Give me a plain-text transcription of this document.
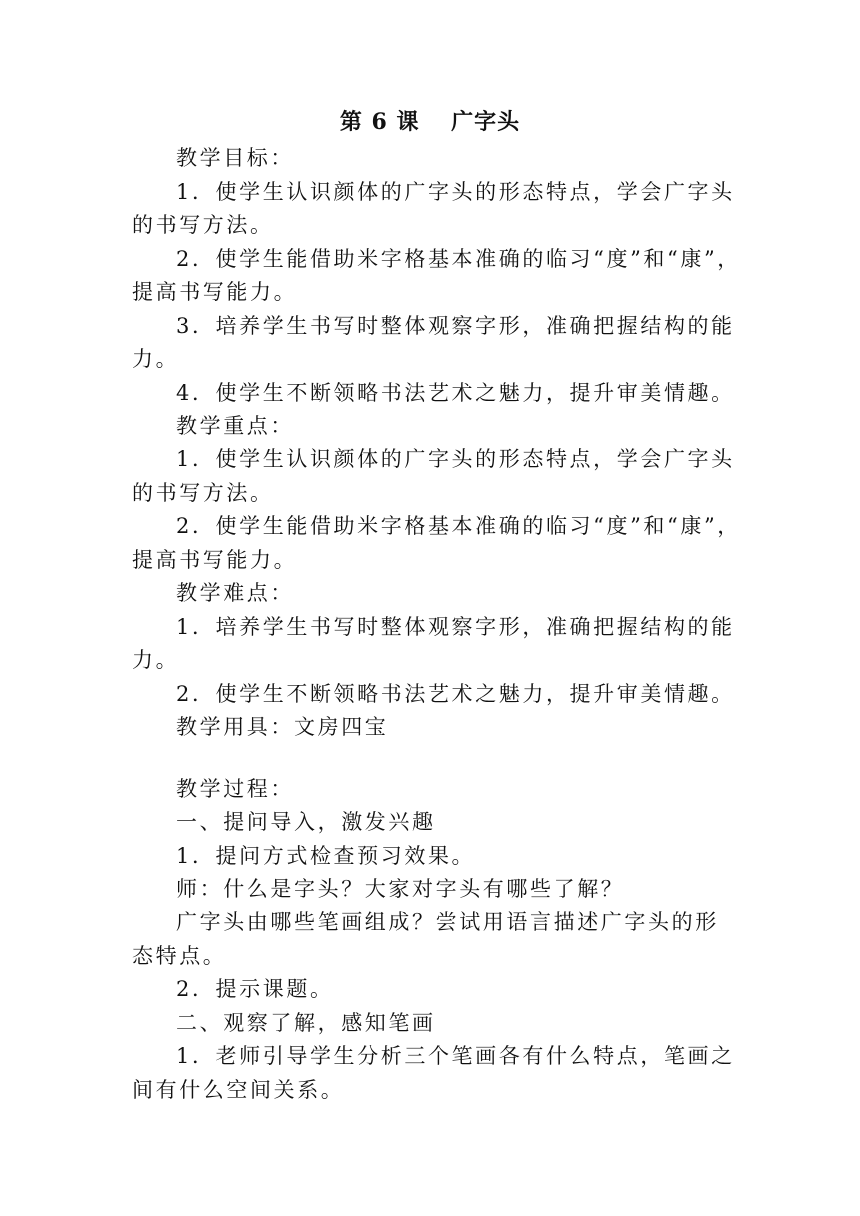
第 6 课　 广字头
教学目标：
1．使学生认识颜体的广字头的形态特点，学会广字头
的书写方法。
2．使学生能借助米字格基本准确的临习“度”和“康”，
提高书写能力。
3．培养学生书写时整体观察字形，准确把握结构的能
力。
4．使学生不断领略书法艺术之魅力，提升审美情趣。
教学重点：
1．使学生认识颜体的广字头的形态特点，学会广字头
的书写方法。
2．使学生能借助米字格基本准确的临习“度”和“康”，
提高书写能力。
教学难点：
1．培养学生书写时整体观察字形，准确把握结构的能
力。
2．使学生不断领略书法艺术之魅力，提升审美情趣。
教学用具：文房四宝
教学过程：
一、提问导入，激发兴趣
1．提问方式检查预习效果。
师：什么是字头？大家对字头有哪些了解？
广字头由哪些笔画组成？尝试用语言描述广字头的形
态特点。
2．提示课题。
二、观察了解，感知笔画
1．老师引导学生分析三个笔画各有什么特点，笔画之
间有什么空间关系。
